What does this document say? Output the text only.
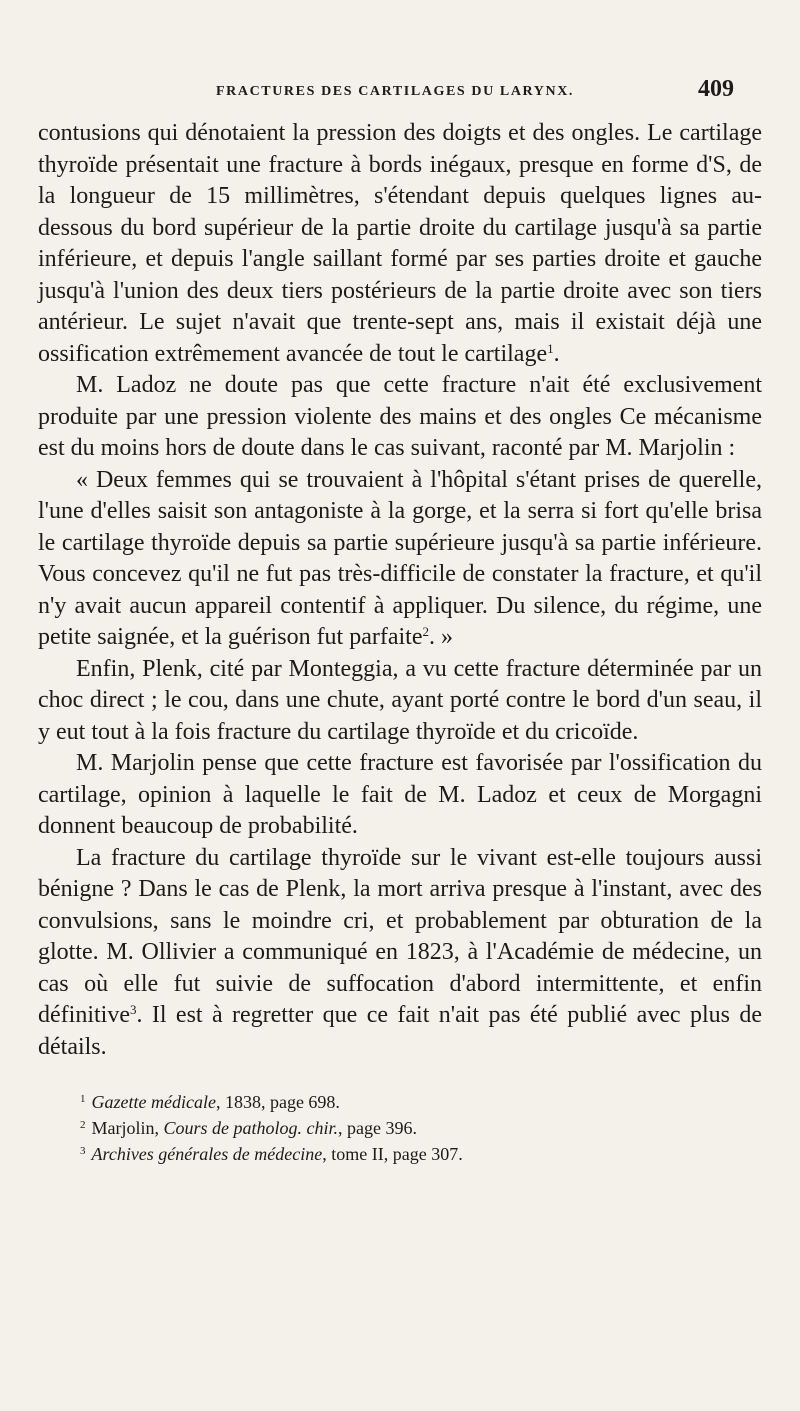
FRACTURES DES CARTILAGES DU LARYNX.	409

contusions qui dénotaient la pression des doigts et des ongles. Le cartilage thyroïde présentait une fracture à bords inégaux, presque en forme d'S, de la longueur de 15 millimètres, s'étendant depuis quelques lignes au-dessous du bord supérieur de la partie droite du cartilage jusqu'à sa partie inférieure, et depuis l'angle saillant formé par ses parties droite et gauche jusqu'à l'union des deux tiers postérieurs de la partie droite avec son tiers antérieur. Le sujet n'avait que trente-sept ans, mais il existait déjà une ossification extrêmement avancée de tout le cartilage$^1$.

M. Ladoz ne doute pas que cette fracture n'ait été exclusivement produite par une pression violente des mains et des ongles Ce mécanisme est du moins hors de doute dans le cas suivant, raconté par M. Marjolin :

« Deux femmes qui se trouvaient à l'hôpital s'étant prises de querelle, l'une d'elles saisit son antagoniste à la gorge, et la serra si fort qu'elle brisa le cartilage thyroïde depuis sa partie supérieure jusqu'à sa partie inférieure. Vous concevez qu'il ne fut pas très-difficile de constater la fracture, et qu'il n'y avait aucun appareil contentif à appliquer. Du silence, du régime, une petite saignée, et la guérison fut parfaite$^2$. »

Enfin, Plenk, cité par Monteggia, a vu cette fracture déterminée par un choc direct ; le cou, dans une chute, ayant porté contre le bord d'un seau, il y eut tout à la fois fracture du cartilage thyroïde et du cricoïde.

M. Marjolin pense que cette fracture est favorisée par l'ossification du cartilage, opinion à laquelle le fait de M. Ladoz et ceux de Morgagni donnent beaucoup de probabilité.

La fracture du cartilage thyroïde sur le vivant est-elle toujours aussi bénigne ? Dans le cas de Plenk, la mort arriva presque à l'instant, avec des convulsions, sans le moindre cri, et probablement par obturation de la glotte. M. Ollivier a communiqué en 1823, à l'Académie de médecine, un cas où elle fut suivie de suffocation d'abord intermittente, et enfin définitive$^3$. Il est à regretter que ce fait n'ait pas été publié avec plus de détails.

$^1$ Gazette médicale, 1838, page 698.

$^2$ Marjolin, Cours de patholog. chir., page 396.

$^3$ Archives générales de médecine, tome II, page 307.
